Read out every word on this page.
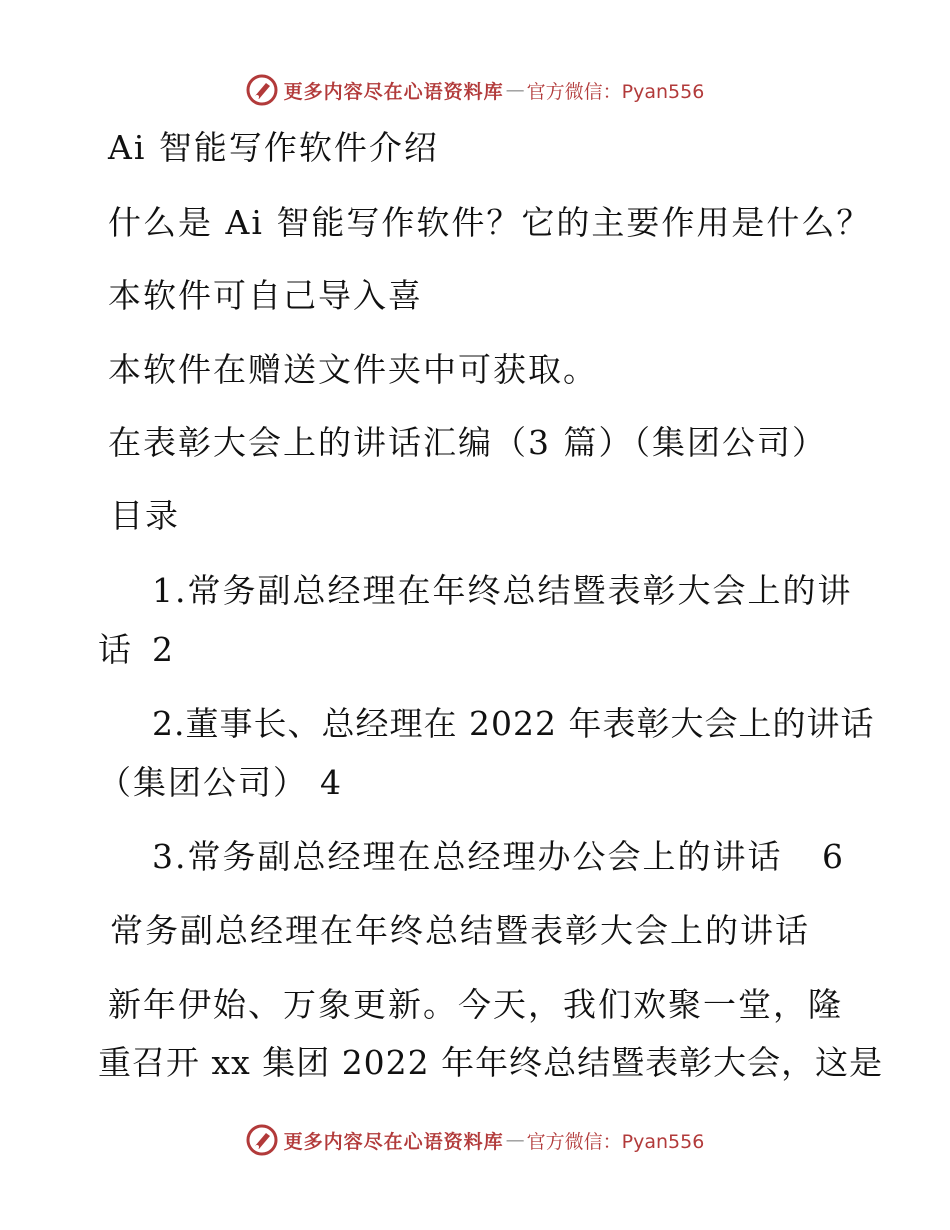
更多内容尽在心语资料库 — 官方微信：Pyan556
Ai 智能写作软件介绍
什么是 Ai 智能写作软件？它的主要作用是什么？
本软件可自己导入喜
本软件在赠送文件夹中可获取。
在表彰大会上的讲话汇编（3 篇）（集团公司）
目录
1.常务副总经理在年终总结暨表彰大会上的讲
话 2
2.董事长、总经理在 2022 年表彰大会上的讲话
（集团公司） 4
3.常务副总经理在总经理办公会上的讲话 6
常务副总经理在年终总结暨表彰大会上的讲话
新年伊始、万象更新。今天，我们欢聚一堂，隆
重召开 xx 集团 2022 年年终总结暨表彰大会，这是
更多内容尽在心语资料库 — 官方微信：Pyan556
